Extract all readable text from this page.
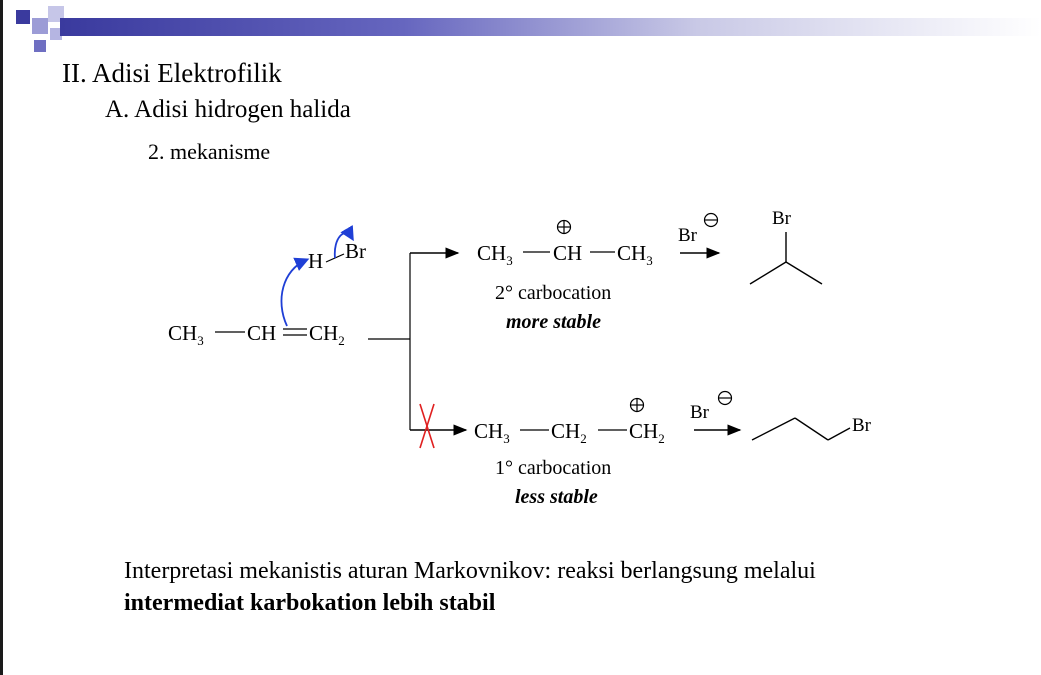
II. Adisi Elektrofilik
A. Adisi hidrogen halida
2. mekanisme
$CH_3$ CH $CH_2$
H Br	$CH_3$ CH $CH_3$
2° carbocation
more stable
Br
Br
$CH_3$ $CH_2$ $CH_2$
1° carbocation
less stable
Br
Br
Interpretasi mekanistis aturan Markovnikov: reaksi berlangsung melalui
intermediat karbokation lebih stabil
